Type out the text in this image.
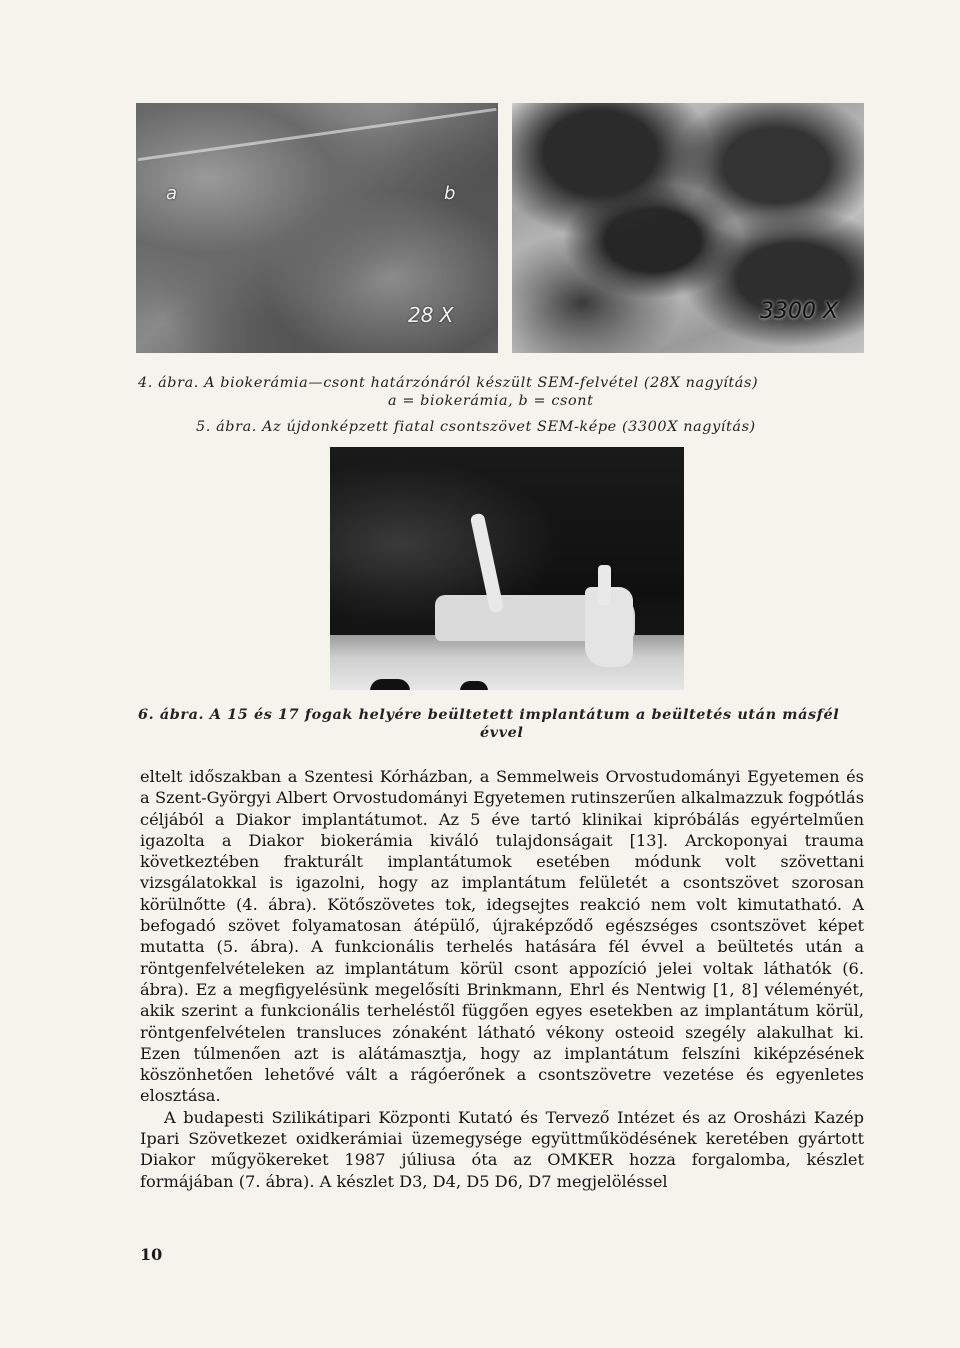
a	b
28 X	3300 X
4. ábra. A biokerámia—csont határzónáról készült SEM-felvétel (28X nagyítás)
a = biokerámia, b = csont
5. ábra. Az újdonképzett fiatal csontszövet SEM-képe (3300X nagyítás)
6. ábra. A 15 és 17 fogak helyére beültetett implantátum a beültetés után másfél
évvel

eltelt időszakban a Szentesi Kórházban, a Semmelweis Orvostudományi Egyetemen és a Szent-Györgyi Albert Orvostudományi Egyetemen rutinszerűen alkalmazzuk fogpótlás céljából a Diakor implantátumot. Az 5 éve tartó klinikai kipróbálás egyértelműen igazolta a Diakor biokerámia kiváló tulajdonságait [13]. Arckoponyai trauma következtében frakturált implantátumok esetében módunk volt szövettani vizsgálatokkal is igazolni, hogy az implantátum felületét a csontszövet szorosan körülnőtte (4. ábra). Kötőszövetes tok, idegsejtes reakció nem volt kimutatható. A befogadó szövet folyamatosan átépülő, újraképződő egészséges csontszövet képet mutatta (5. ábra). A funkcionális terhelés hatására fél évvel a beültetés után a röntgenfelvételeken az implantátum körül csont appozíció jelei voltak láthatók (6. ábra). Ez a megfigyelésünk megelősíti Brinkmann, Ehrl és Nentwig [1, 8] véleményét, akik szerint a funkcionális terheléstől függően egyes esetekben az implantátum körül, röntgenfelvételen transluces zónaként látható vékony osteoid szegély alakulhat ki. Ezen túlmenően azt is alátámasztja, hogy az implantátum felszíni kiképzésének köszönhetően lehetővé vált a rágóerőnek a csontszövetre vezetése és egyenletes elosztása.

A budapesti Szilikátipari Központi Kutató és Tervező Intézet és az Orosházi Kazép Ipari Szövetkezet oxidkerámiai üzemegysége együttműködésének keretében gyártott Diakor műgyökereket 1987 júliusa óta az OMKER hozza forgalomba, készlet formájában (7. ábra). A készlet D3, D4, D5 D6, D7 megjelöléssel

10
